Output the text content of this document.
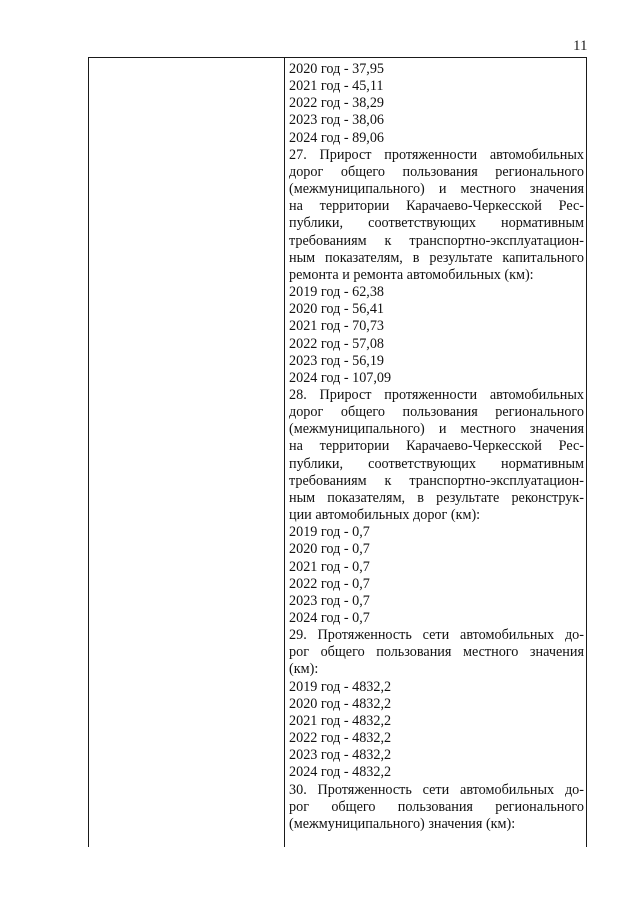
11
2020 год - 37,95
2021 год - 45,11
2022 год - 38,29
2023 год - 38,06
2024 год - 89,06
27. Прирост протяженности автомобильных
дорог общего пользования регионального
(межмуниципального) и местного значения
на территории Карачаево-Черкесской Рес-
публики, соответствующих нормативным
требованиям к транспортно-эксплуатацион-
ным показателям, в результате капитального
ремонта и ремонта автомобильных (км):
2019 год - 62,38
2020 год - 56,41
2021 год - 70,73
2022 год - 57,08
2023 год - 56,19
2024 год - 107,09
28. Прирост протяженности автомобильных
дорог общего пользования регионального
(межмуниципального) и местного значения
на территории Карачаево-Черкесской Рес-
публики, соответствующих нормативным
требованиям к транспортно-эксплуатацион-
ным показателям, в результате реконструк-
ции автомобильных дорог (км):
2019 год - 0,7
2020 год - 0,7
2021 год - 0,7
2022 год - 0,7
2023 год - 0,7
2024 год - 0,7
29. Протяженность сети автомобильных до-
рог общего пользования местного значения
(км):
2019 год - 4832,2
2020 год - 4832,2
2021 год - 4832,2
2022 год - 4832,2
2023 год - 4832,2
2024 год - 4832,2
30. Протяженность сети автомобильных до-
рог общего пользования регионального
(межмуниципального) значения (км):
